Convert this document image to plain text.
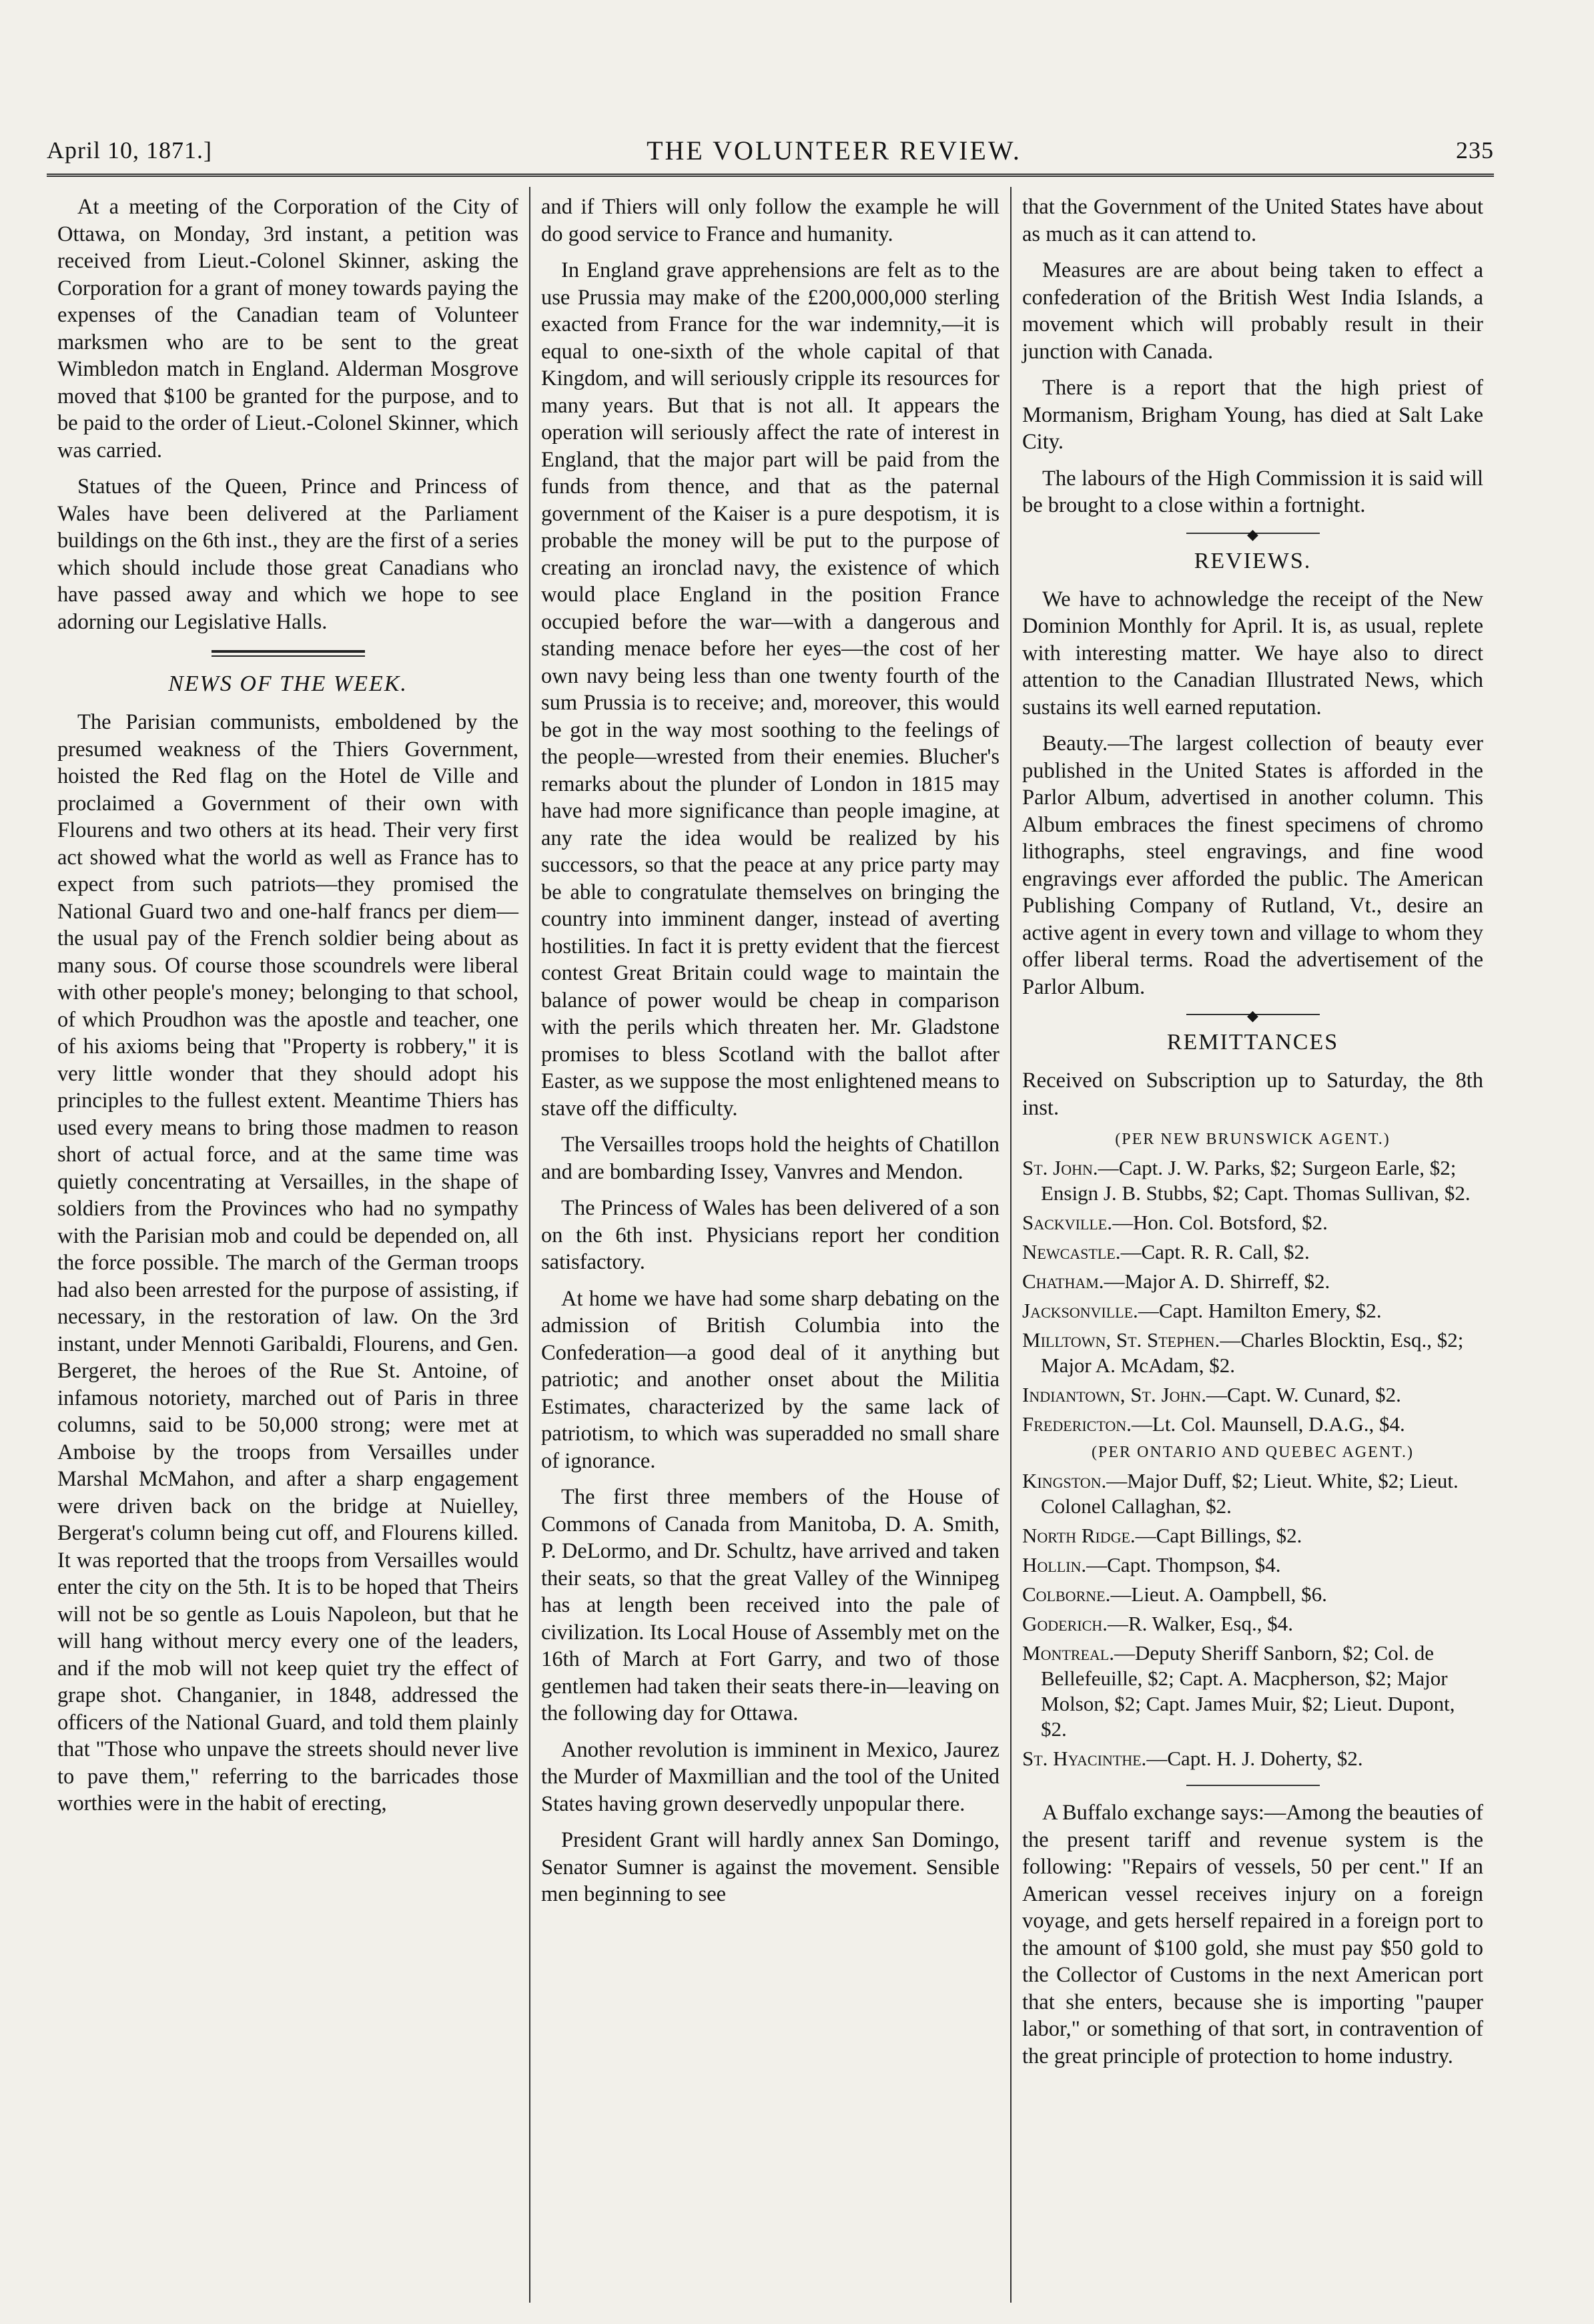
April 10, 1871.]	THE VOLUNTEER REVIEW.	235

At a meeting of the Corporation of the City of Ottawa, on Monday, 3rd instant, a petition was received from Lieut.-Colonel Skinner, asking the Corporation for a grant of money towards paying the expenses of the Canadian team of Volunteer marksmen who are to be sent to the great Wimbledon match in England. Alderman Mosgrove moved that $100 be granted for the purpose, and to be paid to the order of Lieut.-Colonel Skinner, which was carried.

Statues of the Queen, Prince and Princess of Wales have been delivered at the Parliament buildings on the 6th inst., they are the first of a series which should include those great Canadians who have passed away and which we hope to see adorning our Legislative Halls.

NEWS OF THE WEEK.

The Parisian communists, emboldened by the presumed weakness of the Thiers Government, hoisted the Red flag on the Hotel de Ville and proclaimed a Government of their own with Flourens and two others at its head. Their very first act showed what the world as well as France has to expect from such patriots—they promised the National Guard two and one-half francs per diem—the usual pay of the French soldier being about as many sous. Of course those scoundrels were liberal with other people's money; belonging to that school, of which Proudhon was the apostle and teacher, one of his axioms being that "Property is robbery," it is very little wonder that they should adopt his principles to the fullest extent. Meantime Thiers has used every means to bring those madmen to reason short of actual force, and at the same time was quietly concentrating at Versailles, in the shape of soldiers from the Provinces who had no sympathy with the Parisian mob and could be depended on, all the force possible. The march of the German troops had also been arrested for the purpose of assisting, if necessary, in the restoration of law. On the 3rd instant, under Mennoti Garibaldi, Flourens, and Gen. Bergeret, the heroes of the Rue St. Antoine, of infamous notoriety, marched out of Paris in three columns, said to be 50,000 strong; were met at Amboise by the troops from Versailles under Marshal McMahon, and after a sharp engagement were driven back on the bridge at Nuielley, Bergerat's column being cut off, and Flourens killed. It was reported that the troops from Versailles would enter the city on the 5th. It is to be hoped that Theirs will not be so gentle as Louis Napoleon, but that he will hang without mercy every one of the leaders, and if the mob will not keep quiet try the effect of grape shot. Changanier, in 1848, addressed the officers of the National Guard, and told them plainly that "Those who unpave the streets should never live to pave them," referring to the barricades those worthies were in the habit of erecting,

and if Thiers will only follow the example he will do good service to France and humanity.

In England grave apprehensions are felt as to the use Prussia may make of the £200,000,000 sterling exacted from France for the war indemnity,—it is equal to one-sixth of the whole capital of that Kingdom, and will seriously cripple its resources for many years. But that is not all. It appears the operation will seriously affect the rate of interest in England, that the major part will be paid from the funds from thence, and that as the paternal government of the Kaiser is a pure despotism, it is probable the money will be put to the purpose of creating an ironclad navy, the existence of which would place England in the position France occupied before the war—with a dangerous and standing menace before her eyes—the cost of her own navy being less than one twenty fourth of the sum Prussia is to receive; and, moreover, this would be got in the way most soothing to the feelings of the people—wrested from their enemies. Blucher's remarks about the plunder of London in 1815 may have had more significance than people imagine, at any rate the idea would be realized by his successors, so that the peace at any price party may be able to congratulate themselves on bringing the country into imminent danger, instead of averting hostilities. In fact it is pretty evident that the fiercest contest Great Britain could wage to maintain the balance of power would be cheap in comparison with the perils which threaten her. Mr. Gladstone promises to bless Scotland with the ballot after Easter, as we suppose the most enlightened means to stave off the difficulty.

The Versailles troops hold the heights of Chatillon and are bombarding Issey, Vanvres and Mendon.

The Princess of Wales has been delivered of a son on the 6th inst. Physicians report her condition satisfactory.

At home we have had some sharp debating on the admission of British Columbia into the Confederation—a good deal of it anything but patriotic; and another onset about the Militia Estimates, characterized by the same lack of patriotism, to which was superadded no small share of ignorance.

The first three members of the House of Commons of Canada from Manitoba, D. A. Smith, P. DeLormo, and Dr. Schultz, have arrived and taken their seats, so that the great Valley of the Winnipeg has at length been received into the pale of civilization. Its Local House of Assembly met on the 16th of March at Fort Garry, and two of those gentlemen had taken their seats there-in—leaving on the following day for Ottawa.

Another revolution is imminent in Mexico, Jaurez the Murder of Maxmillian and the tool of the United States having grown deservedly unpopular there.

President Grant will hardly annex San Domingo, Senator Sumner is against the movement. Sensible men beginning to see

that the Government of the United States have about as much as it can attend to.

Measures are are about being taken to effect a confederation of the British West India Islands, a movement which will probably result in their junction with Canada.

There is a report that the high priest of Mormanism, Brigham Young, has died at Salt Lake City.

The labours of the High Commission it is said will be brought to a close within a fortnight.

◆
REVIEWS.

We have to achnowledge the receipt of the New Dominion Monthly for April. It is, as usual, replete with interesting matter. We haye also to direct attention to the Canadian Illustrated News, which sustains its well earned reputation.

Beauty.—The largest collection of beauty ever published in the United States is afforded in the Parlor Album, advertised in another column. This Album embraces the finest specimens of chromo lithographs, steel engravings, and fine wood engravings ever afforded the public. The American Publishing Company of Rutland, Vt., desire an active agent in every town and village to whom they offer liberal terms. Road the advertisement of the Parlor Album.

◆
REMITTANCES

Received on Subscription up to Saturday, the 8th inst.

(PER NEW BRUNSWICK AGENT.)
St. John.—Capt. J. W. Parks, $2; Surgeon Earle, $2; Ensign J. B. Stubbs, $2; Capt. Thomas Sullivan, $2.
Sackville.—Hon. Col. Botsford, $2.
Newcastle.—Capt. R. R. Call, $2.
Chatham.—Major A. D. Shirreff, $2.
Jacksonville.—Capt. Hamilton Emery, $2.
Milltown, St. Stephen.—Charles Blocktin, Esq., $2; Major A. McAdam, $2.
Indiantown, St. John.—Capt. W. Cunard, $2.
Fredericton.—Lt. Col. Maunsell, D.A.G., $4.
(PER ONTARIO AND QUEBEC AGENT.)
Kingston.—Major Duff, $2; Lieut. White, $2; Lieut. Colonel Callaghan, $2.
North Ridge.—Capt Billings, $2.
Hollin.—Capt. Thompson, $4.
Colborne.—Lieut. A. Oampbell, $6.
Goderich.—R. Walker, Esq., $4.
Montreal.—Deputy Sheriff Sanborn, $2; Col. de Bellefeuille, $2; Capt. A. Macpherson, $2; Major Molson, $2; Capt. James Muir, $2; Lieut. Dupont, $2.
St. Hyacinthe.—Capt. H. J. Doherty, $2.

A Buffalo exchange says:—Among the beauties of the present tariff and revenue system is the following: "Repairs of vessels, 50 per cent." If an American vessel receives injury on a foreign voyage, and gets herself repaired in a foreign port to the amount of $100 gold, she must pay $50 gold to the Collector of Customs in the next American port that she enters, because she is importing "pauper labor," or something of that sort, in contravention of the great principle of protection to home industry.
